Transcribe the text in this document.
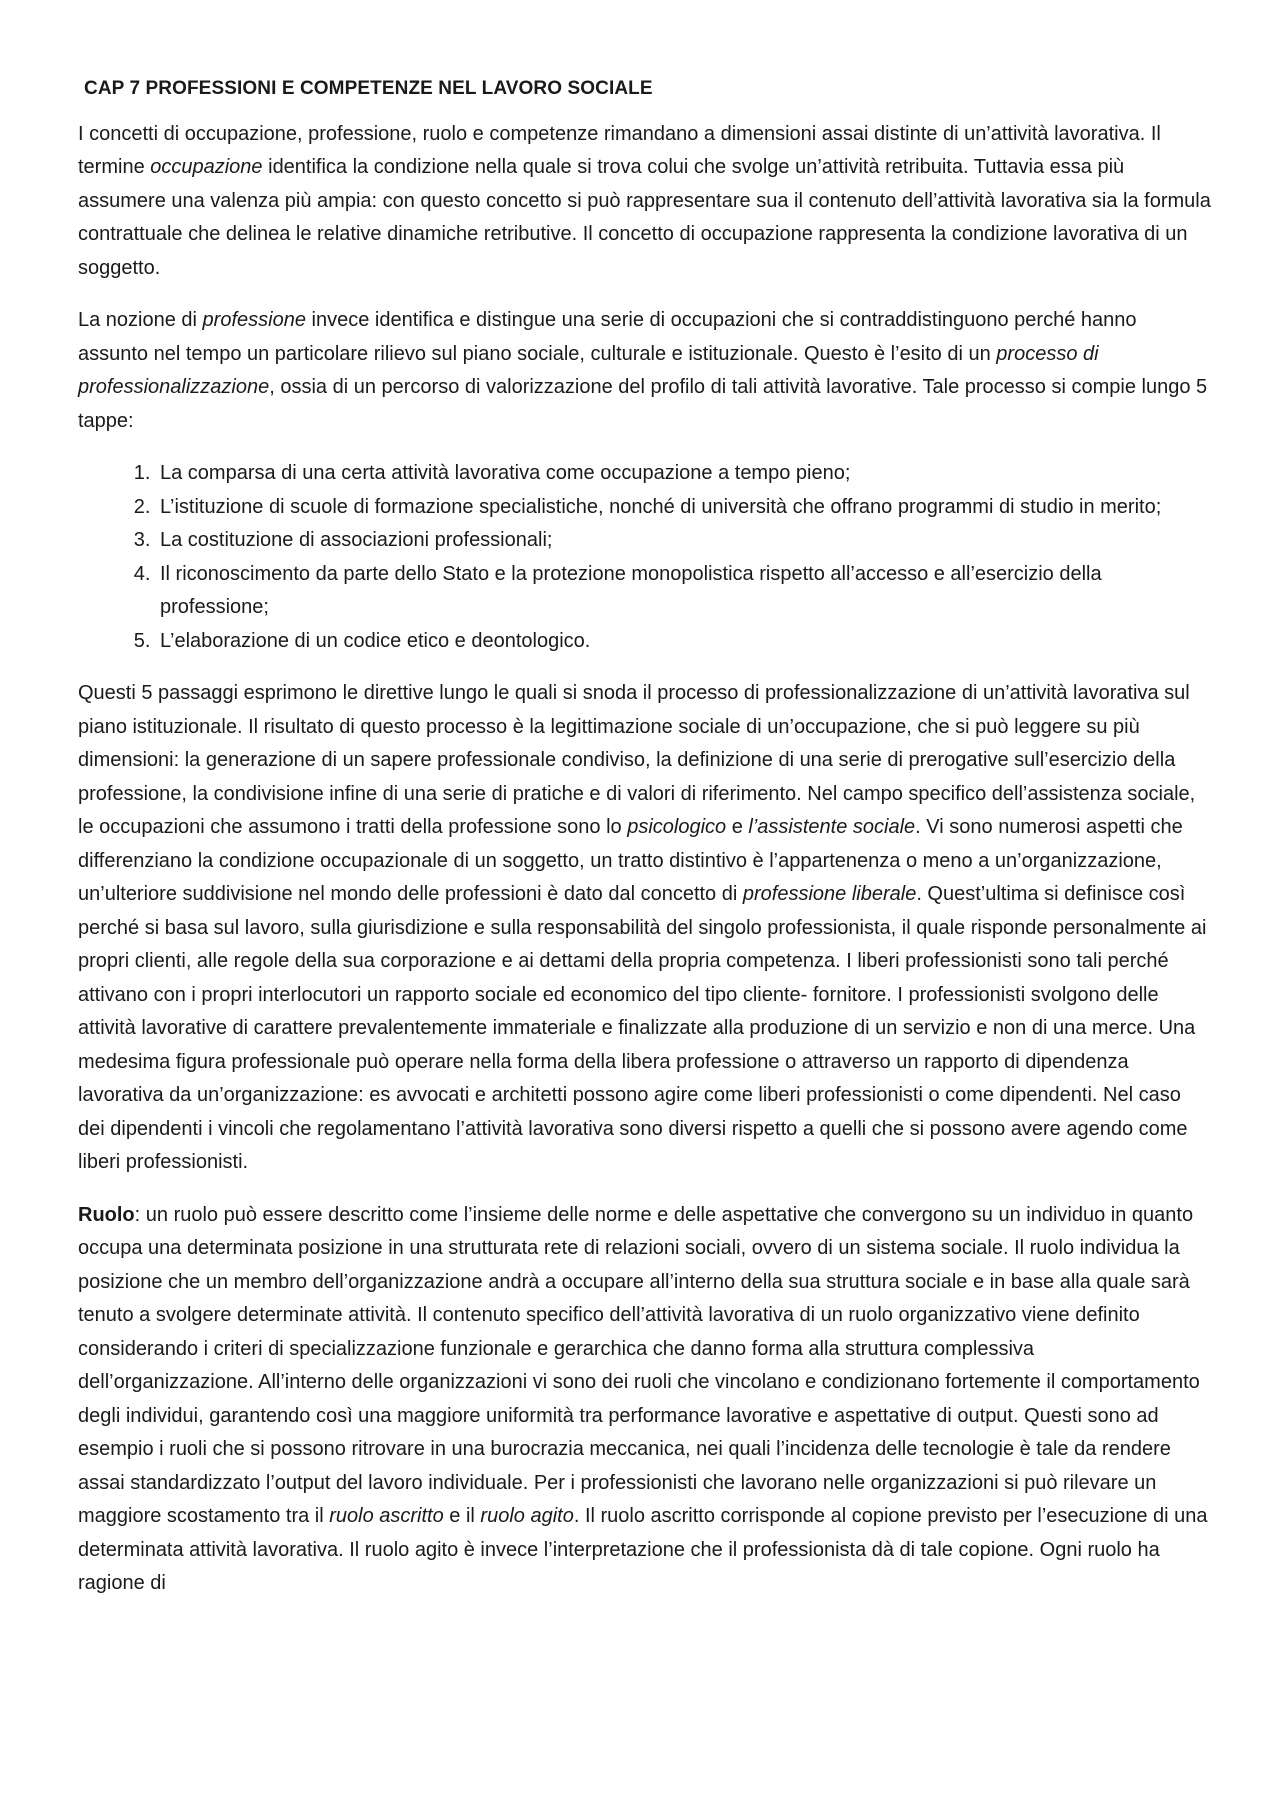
CAP 7 PROFESSIONI E COMPETENZE NEL LAVORO SOCIALE

I concetti di occupazione, professione, ruolo e competenze rimandano a dimensioni assai distinte di un’attività lavorativa. Il termine occupazione identifica la condizione nella quale si trova colui che svolge un’attività retribuita. Tuttavia essa più assumere una valenza più ampia: con questo concetto si può rappresentare sua il contenuto dell’attività lavorativa sia la formula contrattuale che delinea le relative dinamiche retributive. Il concetto di occupazione rappresenta la condizione lavorativa di un soggetto.

La nozione di professione invece identifica e distingue una serie di occupazioni che si contraddistinguono perché hanno assunto nel tempo un particolare rilievo sul piano sociale, culturale e istituzionale. Questo è l’esito di un processo di professionalizzazione, ossia di un percorso di valorizzazione del profilo di tali attività lavorative. Tale processo si compie lungo 5 tappe:

1. La comparsa di una certa attività lavorativa come occupazione a tempo pieno;
2. L’istituzione di scuole di formazione specialistiche, nonché di università che offrano programmi di studio in merito;
3. La costituzione di associazioni professionali;
4. Il riconoscimento da parte dello Stato e la protezione monopolistica rispetto all’accesso e all’esercizio della professione;
5. L’elaborazione di un codice etico e deontologico.

Questi 5 passaggi esprimono le direttive lungo le quali si snoda il processo di professionalizzazione di un’attività lavorativa sul piano istituzionale. Il risultato di questo processo è la legittimazione sociale di un’occupazione, che si può leggere su più dimensioni: la generazione di un sapere professionale condiviso, la definizione di una serie di prerogative sull’esercizio della professione, la condivisione infine di una serie di pratiche e di valori di riferimento. Nel campo specifico dell’assistenza sociale, le occupazioni che assumono i tratti della professione sono lo psicologico e l’assistente sociale. Vi sono numerosi aspetti che differenziano la condizione occupazionale di un soggetto, un tratto distintivo è l’appartenenza o meno a un’organizzazione, un’ulteriore suddivisione nel mondo delle professioni è dato dal concetto di professione liberale. Quest’ultima si definisce così perché si basa sul lavoro, sulla giurisdizione e sulla responsabilità del singolo professionista, il quale risponde personalmente ai propri clienti, alle regole della sua corporazione e ai dettami della propria competenza. I liberi professionisti sono tali perché attivano con i propri interlocutori un rapporto sociale ed economico del tipo cliente- fornitore. I professionisti svolgono delle attività lavorative di carattere prevalentemente immateriale e finalizzate alla produzione di un servizio e non di una merce. Una medesima figura professionale può operare nella forma della libera professione o attraverso un rapporto di dipendenza lavorativa da un’organizzazione: es avvocati e architetti possono agire come liberi professionisti o come dipendenti. Nel caso dei dipendenti i vincoli che regolamentano l’attività lavorativa sono diversi rispetto a quelli che si possono avere agendo come liberi professionisti.

Ruolo: un ruolo può essere descritto come l’insieme delle norme e delle aspettative che convergono su un individuo in quanto occupa una determinata posizione in una strutturata rete di relazioni sociali, ovvero di un sistema sociale. Il ruolo individua la posizione che un membro dell’organizzazione andrà a occupare all’interno della sua struttura sociale e in base alla quale sarà tenuto a svolgere determinate attività. Il contenuto specifico dell’attività lavorativa di un ruolo organizzativo viene definito considerando i criteri di specializzazione funzionale e gerarchica che danno forma alla struttura complessiva dell’organizzazione. All’interno delle organizzazioni vi sono dei ruoli che vincolano e condizionano fortemente il comportamento degli individui, garantendo così una maggiore uniformità tra performance lavorative e aspettative di output. Questi sono ad esempio i ruoli che si possono ritrovare in una burocrazia meccanica, nei quali l’incidenza delle tecnologie è tale da rendere assai standardizzato l’output del lavoro individuale. Per i professionisti che lavorano nelle organizzazioni si può rilevare un maggiore scostamento tra il ruolo ascritto e il ruolo agito. Il ruolo ascritto corrisponde al copione previsto per l’esecuzione di una determinata attività lavorativa. Il ruolo agito è invece l’interpretazione che il professionista dà di tale copione. Ogni ruolo ha ragione di
